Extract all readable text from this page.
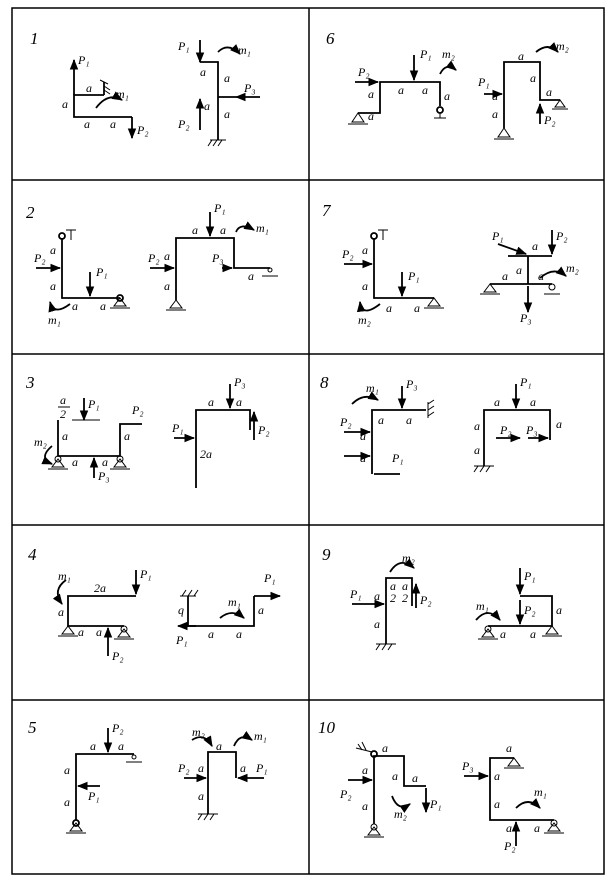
1
2
3
4
5
6
7
8
9
10
P₁
a
a
m₁
a a P₂
P₁	m₁
a a
P₃
a
P₂
a
P₂
P₁ m₂
a a a a
a
a
m₂
a
P₁
a	a
a	P₂
a
P₂
a
P₁
a a
m₁
P₁
a a	m₁
P₂ a	P₃
a
a
a
P₂
a
P₁
a a
m₂
P₁
a
P₂
a
a	a
m₂
P₃
a
2
P₁	P₂
a	a
m₂
a a
P₃
P₃
a a
P₁	P₂
2a
m₁ P₃
a a
P₂
a
a P₁
P₁
a	a
a P₂ P₃ a
a
m₁
2a
P₁
a
a a
P₂
P₁
m₁
q	a
a a
P₁
m₂
a
a
2
a
2
P₁	P₂
a
P₁
m₁	P₂ a
a a
P₂
a a
a
P₁
a
m₂	m₁
a
P₂ a	a P₁
a
a
a a a
P₂
a
m₂
P₁
a
P₃
a
m₁
a
a a
P₂
